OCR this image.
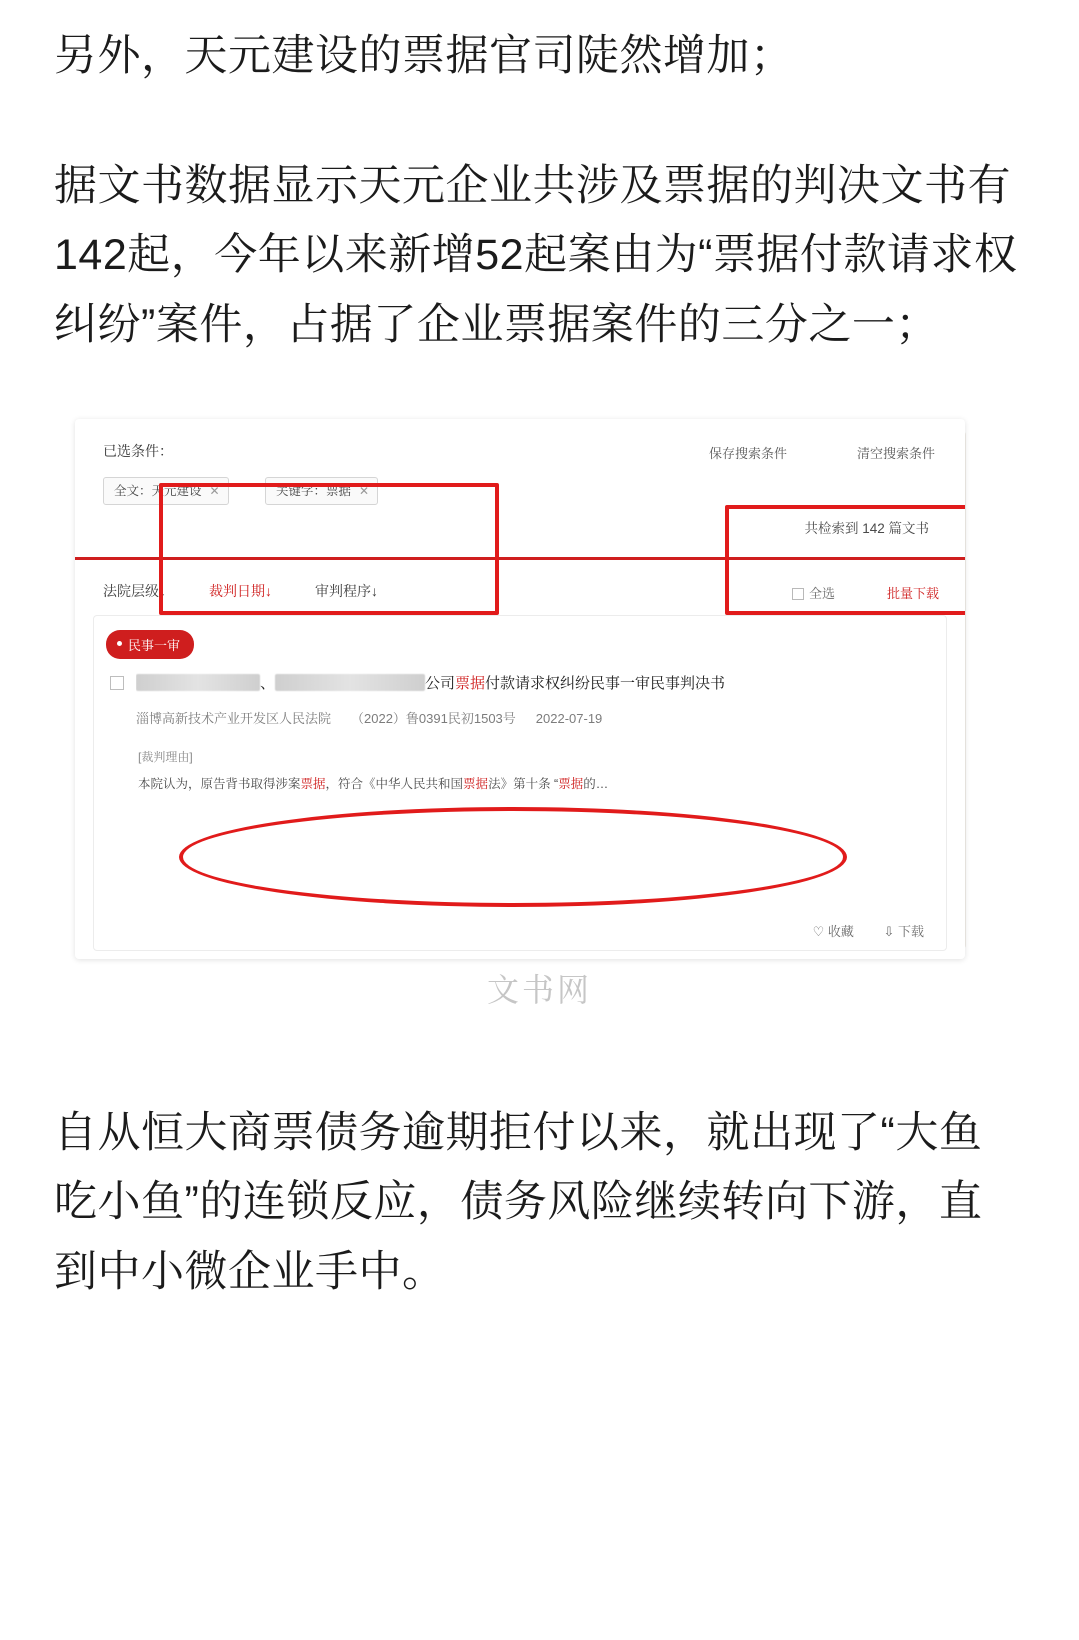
另外，天元建设的票据官司陡然增加；

据文书数据显示天元企业共涉及票据的判决文书有142起，今年以来新增52起案由为“票据付款请求权纠纷”案件，占据了企业票据案件的三分之一；

已选条件：
全文：天元建设 ✕	关键字：票据 ✕
保存搜索条件	清空搜索条件
共检索到 142 篇文书
法院层级↓	裁判日期↓	审判程序↓	全选	批量下载
民事一审
、	公司票据付款请求权纠纷民事一审民事判决书
淄博高新技术产业开发区人民法院 （2022）鲁0391民初1503号 2022-07-19
[裁判理由]
本院认为，原告背书取得涉案票据，符合《中华人民共和国票据法》第十条 “票据的…
♡ 收藏 ⇩ 下载
文书网

自从恒大商票债务逾期拒付以来，就出现了“大鱼吃小鱼”的连锁反应，债务风险继续转向下游，直到中小微企业手中。
